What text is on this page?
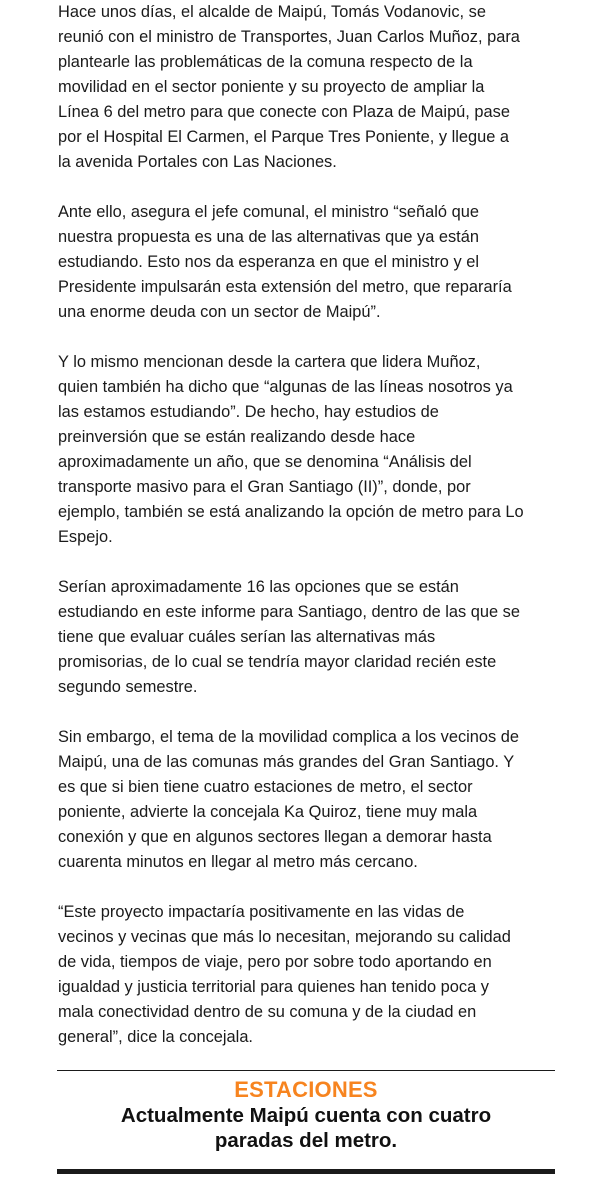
Hace unos días, el alcalde de Maipú, Tomás Vodanovic, se
reunió con el ministro de Transportes, Juan Carlos Muñoz, para
plantearle las problemáticas de la comuna respecto de la
movilidad en el sector poniente y su proyecto de ampliar la
Línea 6 del metro para que conecte con Plaza de Maipú, pase
por el Hospital El Carmen, el Parque Tres Poniente, y llegue a
la avenida Portales con Las Naciones.

Ante ello, asegura el jefe comunal, el ministro “señaló que
nuestra propuesta es una de las alternativas que ya están
estudiando. Esto nos da esperanza en que el ministro y el
Presidente impulsarán esta extensión del metro, que repararía
una enorme deuda con un sector de Maipú”.

Y lo mismo mencionan desde la cartera que lidera Muñoz,
quien también ha dicho que “algunas de las líneas nosotros ya
las estamos estudiando”. De hecho, hay estudios de
preinversión que se están realizando desde hace
aproximadamente un año, que se denomina “Análisis del
transporte masivo para el Gran Santiago (II)”, donde, por
ejemplo, también se está analizando la opción de metro para Lo
Espejo.

Serían aproximadamente 16 las opciones que se están
estudiando en este informe para Santiago, dentro de las que se
tiene que evaluar cuáles serían las alternativas más
promisorias, de lo cual se tendría mayor claridad recién este
segundo semestre.

Sin embargo, el tema de la movilidad complica a los vecinos de
Maipú, una de las comunas más grandes del Gran Santiago. Y
es que si bien tiene cuatro estaciones de metro, el sector
poniente, advierte la concejala Ka Quiroz, tiene muy mala
conexión y que en algunos sectores llegan a demorar hasta
cuarenta minutos en llegar al metro más cercano.

“Este proyecto impactaría positivamente en las vidas de
vecinos y vecinas que más lo necesitan, mejorando su calidad
de vida, tiempos de viaje, pero por sobre todo aportando en
igualdad y justicia territorial para quienes han tenido poca y
mala conectividad dentro de su comuna y de la ciudad en
general”, dice la concejala.

ESTACIONES
Actualmente Maipú cuenta con cuatro
paradas del metro.
